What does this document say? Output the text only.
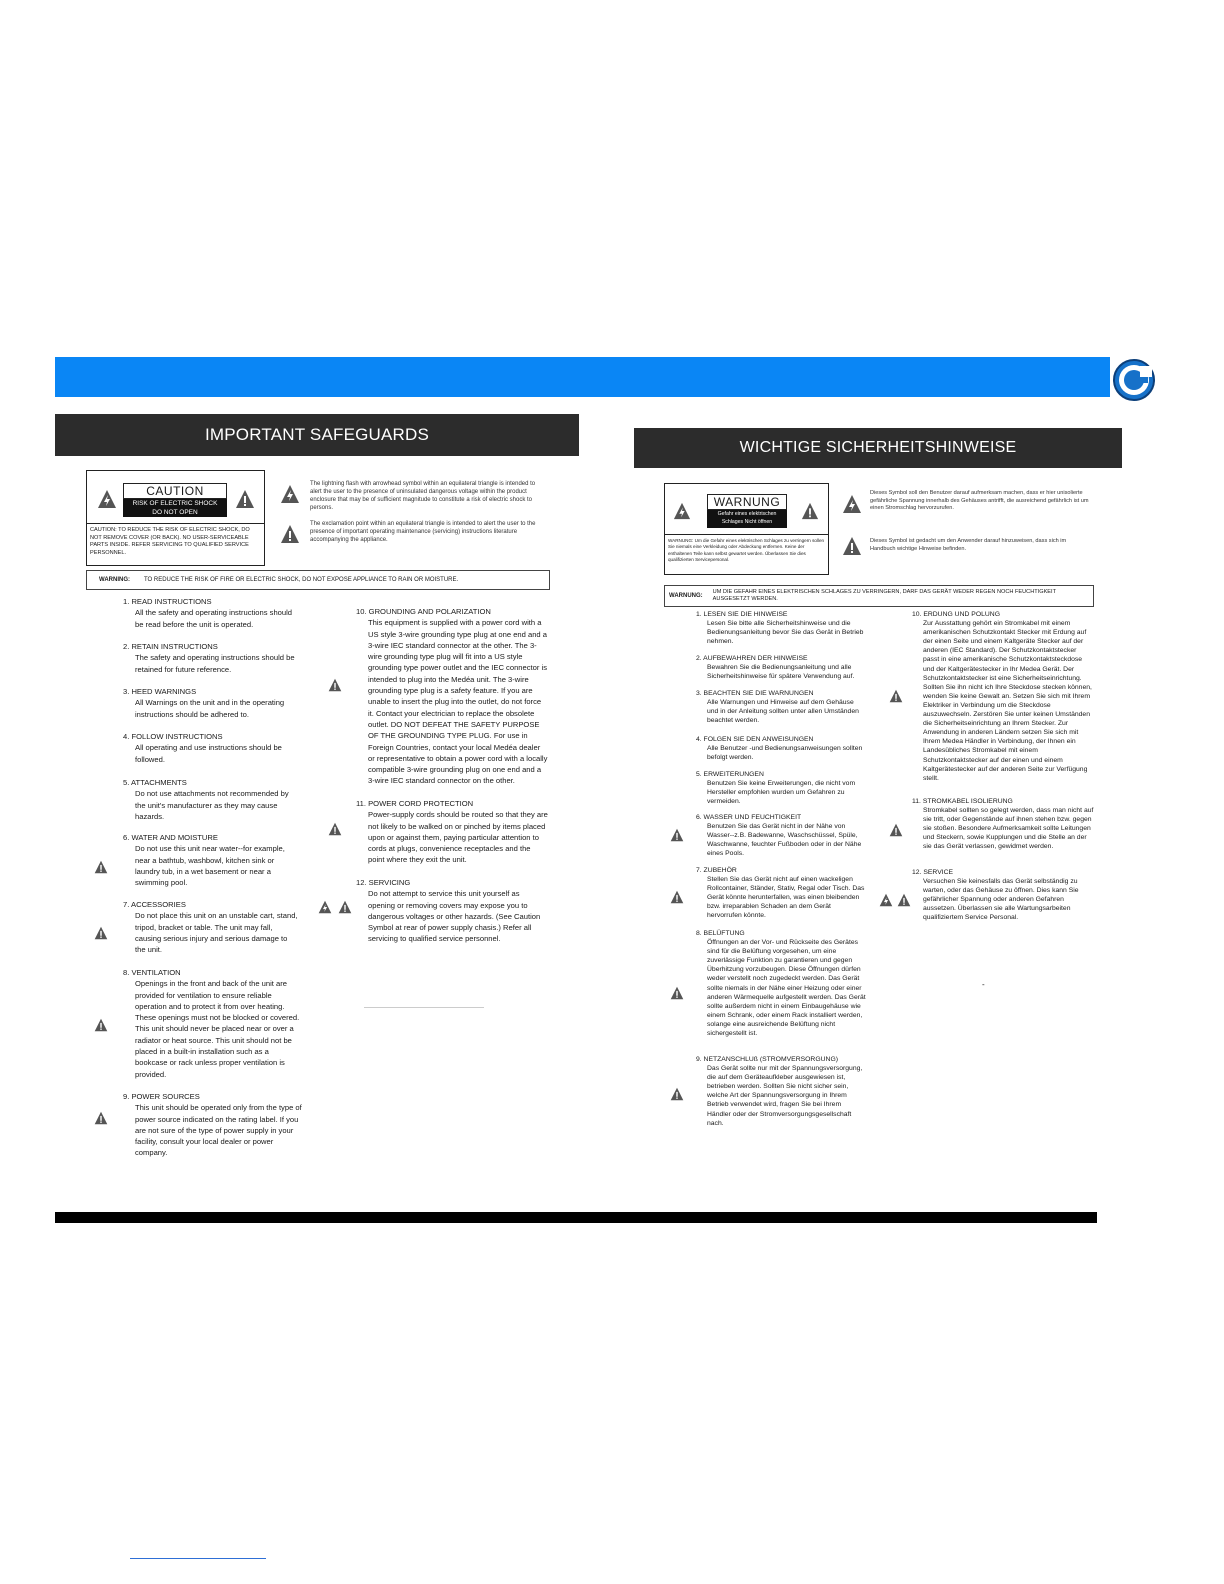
IMPORTANT SAFEGUARDS
CAUTION
RISK OF ELECTRIC SHOCK
DO NOT OPEN
CAUTION: TO REDUCE THE RISK OF ELECTRIC SHOCK, DO NOT REMOVE COVER (OR BACK). NO USER-SERVICEABLE PARTS INSIDE. REFER SERVICING TO QUALIFIED SERVICE PERSONNEL.
The lightning flash with arrowhead symbol within an equilateral triangle is intended to alert the user to the presence of uninsulated dangerous voltage within the product enclosure that may be of sufficient magnitude to constitute a risk of electric shock to persons.
The exclamation point within an equilateral triangle is intended to alert the user to the presence of important operating maintenance (servicing) instructions literature accompanying the appliance.
WARNING: TO REDUCE THE RISK OF FIRE OR ELECTRIC SHOCK, DO NOT EXPOSE APPLIANCE TO RAIN OR MOISTURE.
1. READ INSTRUCTIONS
All the safety and operating instructions should be read before the unit is operated.
2. RETAIN INSTRUCTIONS
The safety and operating instructions should be retained for future reference.
3. HEED WARNINGS
All Warnings on the unit and in the operating instructions should be adhered to.
4. FOLLOW INSTRUCTIONS
All operating and use instructions should be followed.
5. ATTACHMENTS
Do not use attachments not recommended by the unit's manufacturer as they may cause hazards.
6. WATER AND MOISTURE
Do not use this unit near water--for example, near a bathtub, washbowl, kitchen sink or laundry tub, in a wet basement or near a swimming pool.
7. ACCESSORIES
Do not place this unit on an unstable cart, stand, tripod, bracket or table. The unit may fall, causing serious injury and serious damage to the unit.
8. VENTILATION
Openings in the front and back of the unit are provided for ventilation to ensure reliable operation and to protect it from over heating. These openings must not be blocked or covered. This unit should never be placed near or over a radiator or heat source. This unit should not be placed in a built-in installation such as a bookcase or rack unless proper ventilation is provided.
9. POWER SOURCES
This unit should be operated only from the type of power source indicated on the rating label. If you are not sure of the type of power supply in your facility, consult your local dealer or power company.
10. GROUNDING AND POLARIZATION
This equipment is supplied with a power cord with a US style 3-wire grounding type plug at one end and a 3-wire IEC standard connector at the other. The 3-wire grounding type plug will fit into a US style grounding type power outlet and the IEC connector is intended to plug into the Medéa unit. The 3-wire grounding type plug is a safety feature. If you are unable to insert the plug into the outlet, do not force it. Contact your electrician to replace the obsolete outlet. DO NOT DEFEAT THE SAFETY PURPOSE OF THE GROUNDING TYPE PLUG. For use in Foreign Countries, contact your local Medéa dealer or representative to obtain a power cord with a locally compatible 3-wire grounding plug on one end and a 3-wire IEC standard connector on the other.
11. POWER CORD PROTECTION
Power-supply cords should be routed so that they are not likely to be walked on or pinched by items placed upon or against them, paying particular attention to cords at plugs, convenience receptacles and the point where they exit the unit.
12. SERVICING
Do not attempt to service this unit yourself as opening or removing covers may expose you to dangerous voltages or other hazards. (See Caution Symbol at rear of power supply chasis.) Refer all servicing to qualified service personnel.
WICHTIGE SICHERHEITSHINWEISE
WARNUNG
Gefahr eines elektrischen
Schlages Nicht öffnen
WARNUNG: Um die Gefahr eines elektrischen Schlages zu verringern sollen Sie niemals eine Verkleidung oder Abdeckung entfernen. Keine der enthaltenen Teile kann selbst gewartet werden. Überlassen Sie dies qualifizierten Servicepersonal.
Dieses Symbol soll den Benutzer darauf aufmerksam machen, dass er hier unisolierte gefährliche Spannung innerhalb des Gehäuses antrifft, die ausreichend gefährlich ist um einen Stromschlag hervorzurufen.
Dieses Symbol ist gedacht um den Anwender darauf hinzuweisen, dass sich im Handbuch wichtige Hinweise befinden.
WARNUNG:
UM DIE GEFAHR EINES ELEKTRISCHEN SCHLAGES ZU VERRINGERN, DARF DAS GERÄT WEDER REGEN NOCH FEUCHTIGKEIT AUSGESETZT WERDEN.
1. LESEN SIE DIE HINWEISE
Lesen Sie bitte alle Sicherheitshinweise und die Bedienungsanleitung bevor Sie das Gerät in Betrieb nehmen.
2. AUFBEWAHREN DER HINWEISE
Bewahren Sie die Bedienungsanleitung und alle Sicherheitshinweise für spätere Verwendung auf.
3. BEACHTEN SIE DIE WARNUNGEN
Alle Warnungen und Hinweise auf dem Gehäuse und in der Anleitung sollten unter allen Umständen beachtet werden.
4. FOLGEN SIE DEN ANWEISUNGEN
Alle Benutzer -und Bedienungsanweisungen sollten befolgt werden.
5. ERWEITERUNGEN
Benutzen Sie keine Erweiterungen, die nicht vom Hersteller empfohlen wurden um Gefahren zu vermeiden.
6. WASSER UND FEUCHTIGKEIT
Benutzen Sie das Gerät nicht in der Nähe von Wasser--z.B. Badewanne, Waschschüssel, Spüle, Waschwanne, feuchter Fußboden oder in der Nähe eines Pools.
7. ZUBEHÖR
Stellen Sie das Gerät nicht auf einen wackeligen Rollcontainer, Ständer, Stativ, Regal oder Tisch. Das Gerät könnte herunterfallen, was einen bleibenden bzw. irreparablen Schaden an dem Gerät hervorrufen könnte.
8. BELÜFTUNG
Öffnungen an der Vor- und Rückseite des Gerätes sind für die Belüftung vorgesehen, um eine zuverlässige Funktion zu garantieren und gegen Überhitzung vorzubeugen. Diese Öffnungen dürfen weder verstellt noch zugedeckt werden. Das Gerät sollte niemals in der Nähe einer Heizung oder einer anderen Wärmequelle aufgestellt werden. Das Gerät sollte außerdem nicht in einem Einbaugehäuse wie einem Schrank, oder einem Rack installiert werden, solange eine ausreichende Belüftung nicht sichergestellt ist.
9. NETZANSCHLUß (STROMVERSORGUNG)
Das Gerät sollte nur mit der Spannungsversorgung, die auf dem Geräteaufkleber ausgewiesen ist, betrieben werden. Sollten Sie nicht sicher sein, welche Art der Spannungsversorgung in Ihrem Betrieb verwendet wird, fragen Sie bei Ihrem Händler oder der Stromversorgungsgesellschaft nach.
10. ERDUNG UND POLUNG
Zur Ausstattung gehört ein Stromkabel mit einem amerikanischen Schutzkontakt Stecker mit Erdung auf der einen Seite und einem Kaltgeräte Stecker auf der anderen (IEC Standard). Der Schutzkontaktstecker passt in eine amerikanische Schutzkontaktsteckdose und der Kaltgerätestecker in Ihr Medea Gerät. Der Schutzkontaktstecker ist eine Sicherheitseinrichtung. Sollten Sie ihn nicht ich Ihre Steckdose stecken können, wenden Sie keine Gewalt an. Setzen Sie sich mit Ihrem Elektriker in Verbindung um die Steckdose auszuwechseln. Zerstören Sie unter keinen Umständen die Sicherheitseinrichtung an Ihrem Stecker. Zur Anwendung in anderen Ländern setzen Sie sich mit Ihrem Medea Händler in Verbindung, der Ihnen ein Landesübliches Stromkabel mit einem Schutzkontaktstecker auf der einen und einem Kaltgerätestecker auf der anderen Seite zur Verfügung stellt.
11. STROMKABEL ISOLIERUNG
Stromkabel sollten so gelegt werden, dass man nicht auf sie tritt, oder Gegenstände auf ihnen stehen bzw. gegen sie stoßen. Besondere Aufmerksamkeit sollte Leitungen und Steckern, sowie Kupplungen und die Stelle an der sie das Gerät verlassen, gewidmet werden.
12. SERVICE
Versuchen Sie keinesfalls das Gerät selbständig zu warten, oder das Gehäuse zu öffnen. Dies kann Sie gefährlicher Spannung oder anderen Gefahren aussetzen. Überlassen sie alle Wartungsarbeiten qualifiziertem Service Personal.
-
